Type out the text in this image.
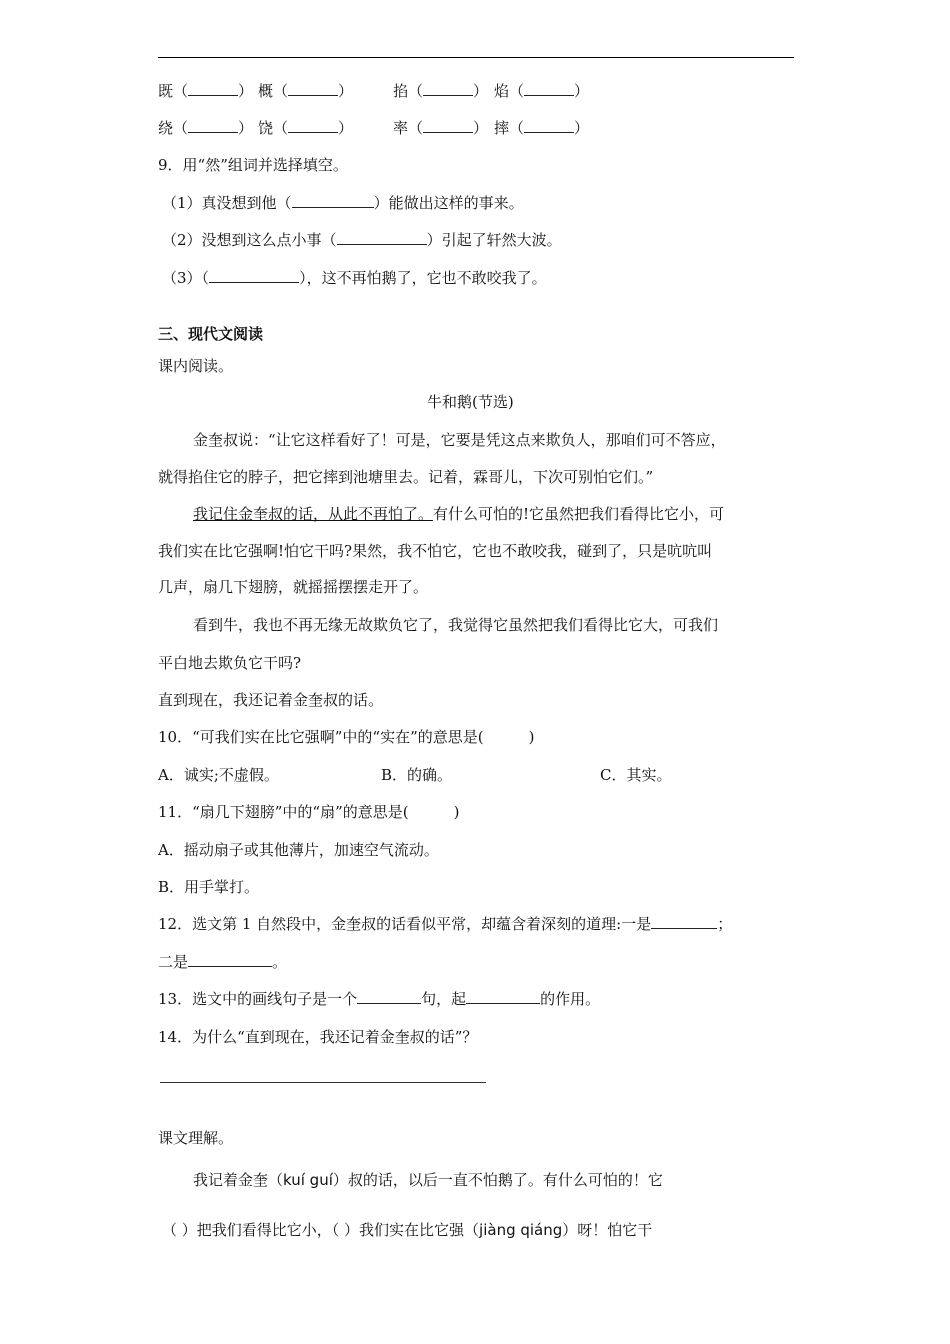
既（	） 概（	）	掐（	） 焰（	）
绕（	） 饶（	）	率（	） 摔（	）
9．用“然”组词并选择填空。
（1）真没想到他（	）能做出这样的事来。
（2）没想到这么点小事（	）引起了轩然大波。
（3）（	），这不再怕鹅了，它也不敢咬我了。
三、现代文阅读
课内阅读。
牛和鹅(节选)
金奎叔说：“让它这样看好了！可是，它要是凭这点来欺负人，那咱们可不答应，
就得掐住它的脖子，把它摔到池塘里去。记着，霖哥儿，下次可别怕它们。”
我记住金奎叔的话，从此不再怕了。有什么可怕的!它虽然把我们看得比它小，可
我们实在比它强啊!怕它干吗?果然，我不怕它，它也不敢咬我，碰到了，只是吭吭叫
几声，扇几下翅膀，就摇摇摆摆走开了。
看到牛，我也不再无缘无故欺负它了，我觉得它虽然把我们看得比它大，可我们
平白地去欺负它干吗?
直到现在，我还记着金奎叔的话。
10．“可我们实在比它强啊”中的“实在”的意思是(	)
A．诚实;不虚假。	B．的确。	C．其实。
11．“扇几下翅膀”中的“扇”的意思是(	)
A．摇动扇子或其他薄片，加速空气流动。
B．用手掌打。
12．选文第 1 自然段中，金奎叔的话看似平常，却蕴含着深刻的道理:一是	；
二是	。
13．选文中的画线句子是一个	句，起	的作用。
14．为什么“直到现在，我还记着金奎叔的话”？
课文理解。
我记着金奎（kuí guí）叔的话，以后一直不怕鹅了。有什么可怕的！它
（ ）把我们看得比它小，（ ）我们实在比它强（jiàng qiáng）呀！怕它干
